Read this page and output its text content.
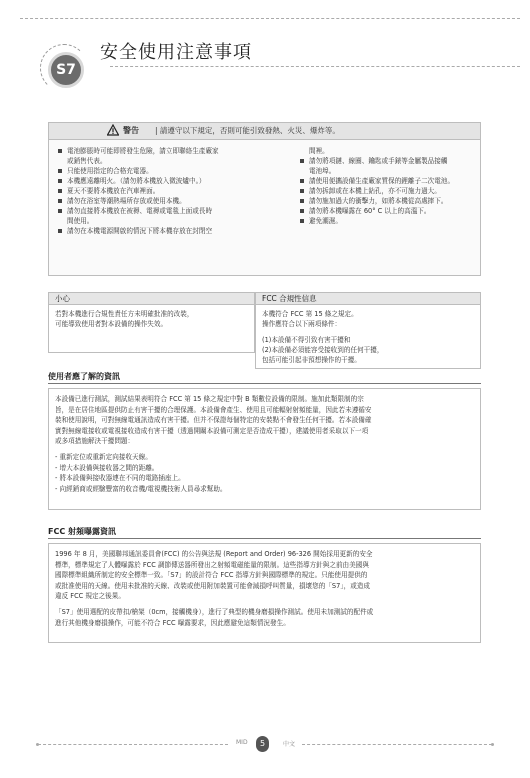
S7
安全使用注意事項
警告 | 請遵守以下規定，否則可能引致發熱、火災、爆炸等。
電池膨脹時可能即將發生危險，請立即聯絡生產廠家
或銷售代表。
只能使用指定的合格充電器。
本機應遠離明火。（請勿將本機放入微波爐中。）
夏天不要將本機放在汽車裡面。
請勿在浴室等潮熱場所存放或使用本機。
請勿直接將本機放在被褥、電褥或電毯上面或長時
間使用。
請勿在本機電源開啟的情況下將本機存放在封閉空
間裡。
請勿將項鏈、線圈、鑰匙或手錶等金屬製品接觸
電池埠。
請使用便攜設備生產廠家質保的鋰離子二次電池。
請勿拆卸或在本機上鉆孔，亦不可施力過大。
請勿施加過大的衝擊力，如將本機從高處摔下。
請勿將本機曝露在 60° C 以上的高溫下。
避免潮濕。
小心

若對本機進行合規性責任方未明確批准的改裝，

可能導致使用者對本設備的操作失效。

FCC 合規性信息

本機符合 FCC 第 15 條之規定。

操作應符合以下兩項條件：

(1)本設備不得引致有害干擾和

(2)本設備必須能容受接收到的任何干擾，

包括可能引起非預想操作的干擾。

使用者應了解的資訊

本設備已進行測試，測試結果表明符合 FCC 第 15 條之規定中對 B 類數位設備的限制。施加此類限制的宗

旨，是在居住地區提供防止有害干擾的合理保護。本設備會產生、使用且可能輻射射頻能量，因此若未遵循安

裝和使用說明，可對無線電通訊造成有害干擾。但并不保證每個特定的安裝點不會發生任何干擾。若本設備確

實對無線電接收或電視接收造成有害干擾（透過開關本設備可測定是否造成干擾），建議使用者采取以下一項

或多項措施解決干擾問題：

- 重新定位或重新定向接收天線。

- 增大本設備與接收器之間的距離。

- 將本設備與接收器連在不同的電路插座上。

- 向經銷商或經驗豐富的收音機/電視機技術人員尋求幫助。

FCC 射頻曝露資訊

1996 年 8 月，美國聯邦通訊委員會(FCC) 的公告與法規 (Report and Order) 96-326 開始採用更新的安全

標準，標準規定了人體曝露於 FCC 調節傳送器所發出之射頻電磁能量的限制。這些指導方針與之前由美國與

國際標準組織所制定的安全標準一致。「S7」的設計符合 FCC 指導方針與國際標準的規定。只能使用提供的

或批准使用的天線。使用未批准的天線、改裝或使用附加裝置可能會減損呼叫質量，損壞您的「S7」，或造成

違反 FCC 規定之後果。

「S7」使用選配的皮帶扣/槍架（0cm，接觸機身），進行了典型的機身磨損操作測試。使用未加測試的配件或

進行其他機身磨損操作，可能不符合 FCC 曝露要求，因此應避免這類情況發生。

MID	5	中文
